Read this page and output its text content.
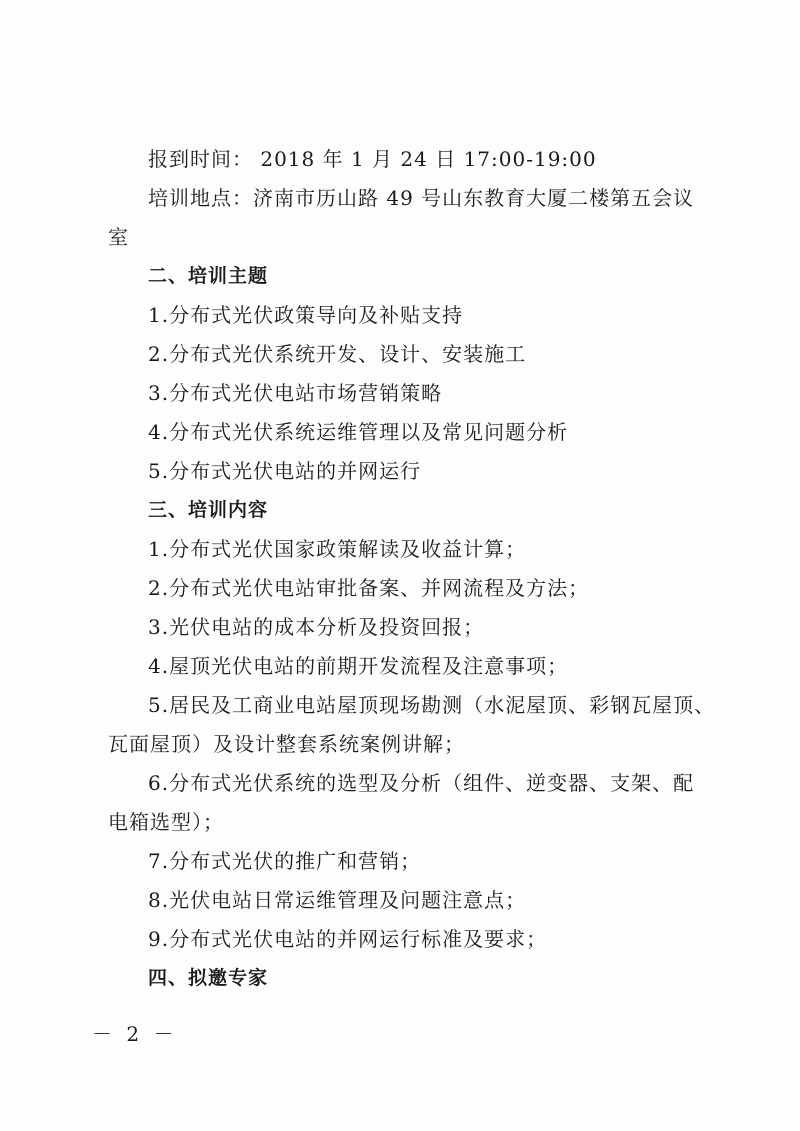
报到时间： 2018 年 1 月 24 日 17:00-19:00
培训地点：济南市历山路 49 号山东教育大厦二楼第五会议
室
二、培训主题
1.分布式光伏政策导向及补贴支持
2.分布式光伏系统开发、设计、安装施工
3.分布式光伏电站市场营销策略
4.分布式光伏系统运维管理以及常见问题分析
5.分布式光伏电站的并网运行
三、培训内容
1.分布式光伏国家政策解读及收益计算；
2.分布式光伏电站审批备案、并网流程及方法；
3.光伏电站的成本分析及投资回报；
4.屋顶光伏电站的前期开发流程及注意事项；
5.居民及工商业电站屋顶现场勘测（水泥屋顶、彩钢瓦屋顶、
瓦面屋顶）及设计整套系统案例讲解；
6.分布式光伏系统的选型及分析（组件、逆变器、支架、配
电箱选型）；
7.分布式光伏的推广和营销；
8.光伏电站日常运维管理及问题注意点；
9.分布式光伏电站的并网运行标准及要求；
四、拟邀专家
－ 2 －
